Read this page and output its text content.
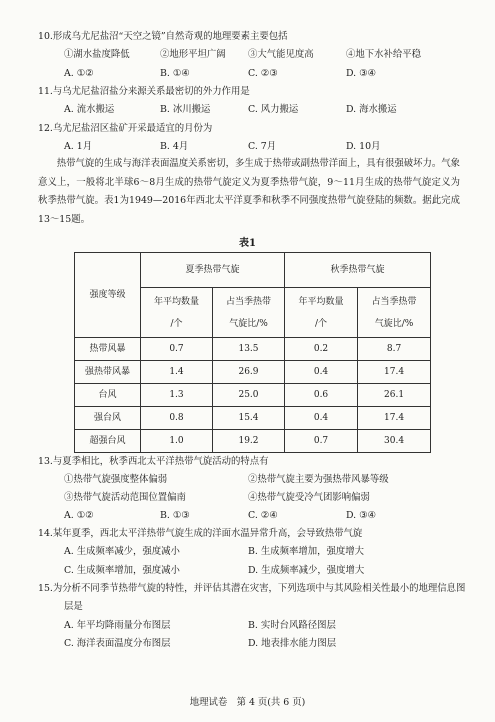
10.形成乌尤尼盐沼“天空之镜”自然奇观的地理要素主要包括
①湖水盐度降低	②地形平坦广阔 ③大气能见度高	④地下水补给平稳
A. ①②	B. ①④	C. ②③	D. ③④
11.与乌尤尼盐沼盐分来源关系最密切的外力作用是
A. 流水搬运	B. 冰川搬运	C. 风力搬运	D. 海水搬运
12.乌尤尼盐沼区盐矿开采最适宜的月份为
A. 1月	B. 4月	C. 7月	D. 10月
热带气旋的生成与海洋表面温度关系密切，多生成于热带或副热带洋面上，具有很强破坏力。气象意义上，一般将北半球6～8月生成的热带气旋定义为夏季热带气旋，9～11月生成的热带气旋定义为秋季热带气旋。表1为1949—2016年西北太平洋夏季和秋季不同强度热带气旋登陆的频数。据此完成13～15题。
表1
强度等级	夏季热带气旋		秋季热带气旋	

	年平均数量
/个	占当季热带
气旋比/%	年平均数量
/个	占当季热带
气旋比/%

热带风暴	0.7	13.5	0.2	8.7
强热带风暴	1.4	26.9	0.4	17.4
台风	1.3	25.0	0.6	26.1
强台风	0.8	15.4	0.4	17.4
超强台风	1.0	19.2	0.7	30.4
13.与夏季相比，秋季西北太平洋热带气旋活动的特点有
①热带气旋强度整体偏弱	②热带气旋主要为强热带风暴等级
③热带气旋活动范围位置偏南	④热带气旋受冷气团影响偏弱
A. ①②	B. ①③	C. ②④	D. ③④
14.某年夏季，西北太平洋热带气旋生成的洋面水温异常升高，会导致热带气旋
A. 生成频率减少，强度减小	B. 生成频率增加，强度增大
C. 生成频率增加，强度减小	D. 生成频率减少，强度增大
15.为分析不同季节热带气旋的特性，并评估其潜在灾害，下列选项中与其风险相关性最小的地理信息图
层是
A. 年平均降雨量分布图层	B. 实时台风路径图层
C. 海洋表面温度分布图层	D. 地表排水能力图层
地理试卷　第 4 页(共 6 页)
